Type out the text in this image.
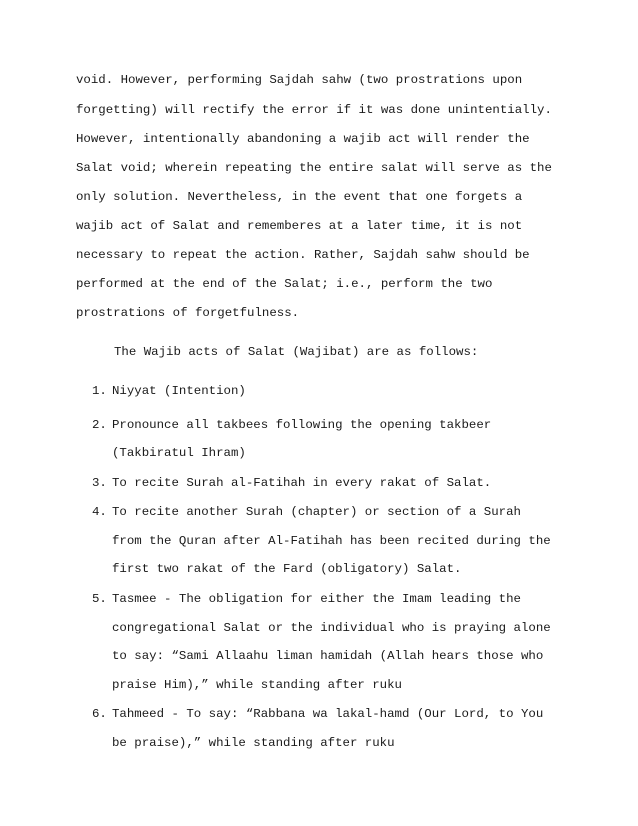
void. However, performing Sajdah sahw (two prostrations upon
forgetting) will rectify the error if it was done unintentially.
However, intentionally abandoning a wajib act will render the
Salat void; wherein repeating the entire salat will serve as the
only solution. Nevertheless, in the event that one forgets a
wajib act of Salat and rememberes at a later time, it is not
necessary to repeat the action. Rather, Sajdah sahw should be
performed at the end of the Salat; i.e., perform the two
prostrations of forgetfulness.
The Wajib acts of Salat (Wajibat) are as follows:
1. Niyyat (Intention)
2. Pronounce all takbees following the opening takbeer
(Takbiratul Ihram)
3. To recite Surah al-Fatihah in every rakat of Salat.
4. To recite another Surah (chapter) or section of a Surah
from the Quran after Al-Fatihah has been recited during the
first two rakat of the Fard (obligatory) Salat.
5. Tasmee - The obligation for either the Imam leading the
congregational Salat or the individual who is praying alone
to say: “Sami Allaahu liman hamidah (Allah hears those who
praise Him),” while standing after ruku
6. Tahmeed - To say: “Rabbana wa lakal-hamd (Our Lord, to You
be praise),” while standing after ruku
